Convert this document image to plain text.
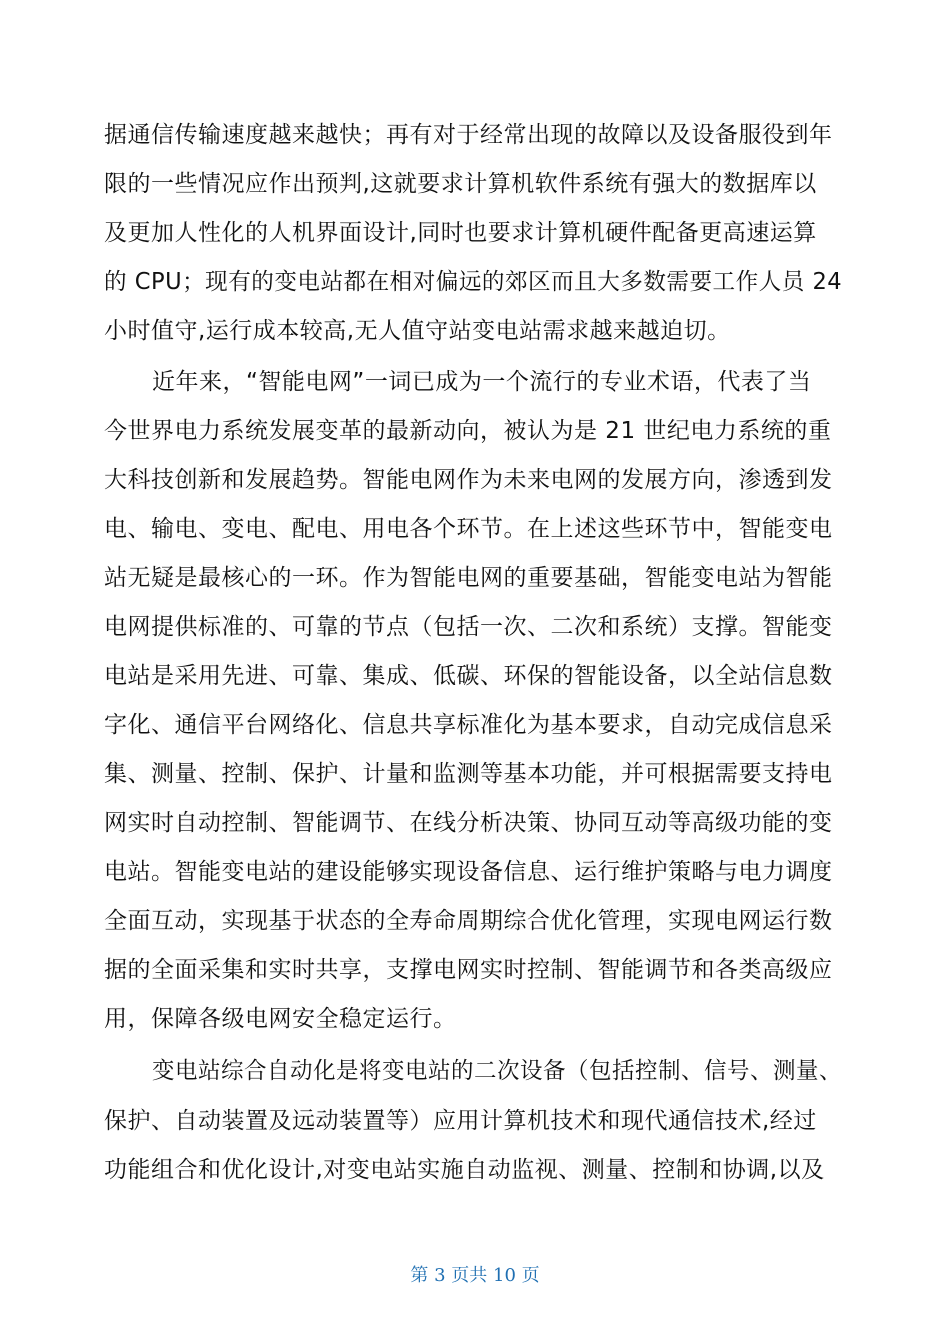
据通信传输速度越来越快；再有对于经常出现的故障以及设备服役到年
限的一些情况应作出预判,这就要求计算机软件系统有强大的数据库以
及更加人性化的人机界面设计,同时也要求计算机硬件配备更高速运算
的 CPU；现有的变电站都在相对偏远的郊区而且大多数需要工作人员 24
小时值守,运行成本较高,无人值守站变电站需求越来越迫切。
近年来，“智能电网”一词已成为一个流行的专业术语，代表了当
今世界电力系统发展变革的最新动向，被认为是 21 世纪电力系统的重
大科技创新和发展趋势。智能电网作为未来电网的发展方向，渗透到发
电、输电、变电、配电、用电各个环节。在上述这些环节中，智能变电
站无疑是最核心的一环。作为智能电网的重要基础，智能变电站为智能
电网提供标准的、可靠的节点（包括一次、二次和系统）支撑。智能变
电站是采用先进、可靠、集成、低碳、环保的智能设备，以全站信息数
字化、通信平台网络化、信息共享标准化为基本要求，自动完成信息采
集、测量、控制、保护、计量和监测等基本功能，并可根据需要支持电
网实时自动控制、智能调节、在线分析决策、协同互动等高级功能的变
电站。智能变电站的建设能够实现设备信息、运行维护策略与电力调度
全面互动，实现基于状态的全寿命周期综合优化管理，实现电网运行数
据的全面采集和实时共享，支撑电网实时控制、智能调节和各类高级应
用，保障各级电网安全稳定运行。
变电站综合自动化是将变电站的二次设备（包括控制、信号、测量、
保护、自动装置及远动装置等）应用计算机技术和现代通信技术,经过
功能组合和优化设计,对变电站实施自动监视、测量、控制和协调,以及
第 3 页共 10 页
